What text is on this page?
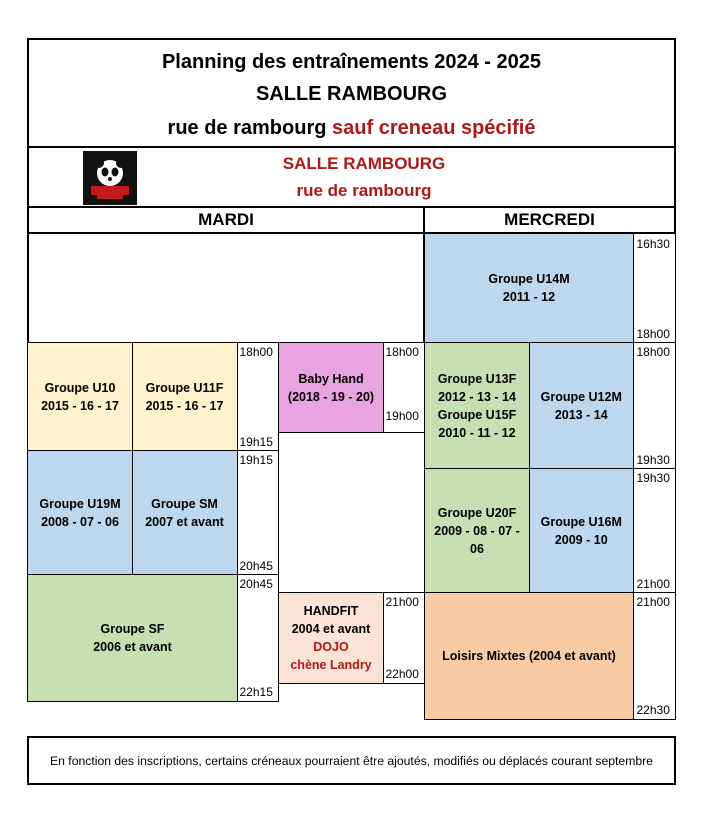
Planning des entraînements 2024 - 2025
SALLE RAMBOURG
rue de rambourg sauf creneau spécifié
SALLE RAMBOURG
rue de rambourg
MARDI	MERCREDI
Groupe U10
2015 - 16 - 17
Groupe U11F
2015 - 16 - 17
18h00
19h15
Groupe U19M
2008 - 07 - 06
Groupe SM
2007 et avant
19h15
20h45
Groupe SF
2006 et avant
20h45
22h15
Baby Hand
(2018 - 19 - 20)
18h00
19h00
HANDFIT
2004 et avant
DOJO
chène Landry
21h00
22h00
Groupe U14M
2011 - 12
16h30
18h00
Groupe U13F
2012 - 13 - 14
Groupe U15F
2010 - 11 - 12
Groupe U12M
2013 - 14
18h00
19h30
Groupe U20F
2009 - 08 - 07 -
06
Groupe U16M
2009 - 10
19h30
21h00
Loisirs Mixtes (2004 et avant)
21h00
22h30
En fonction des inscriptions, certains créneaux pourraient être ajoutés, modifiés ou déplacés courant septembre
